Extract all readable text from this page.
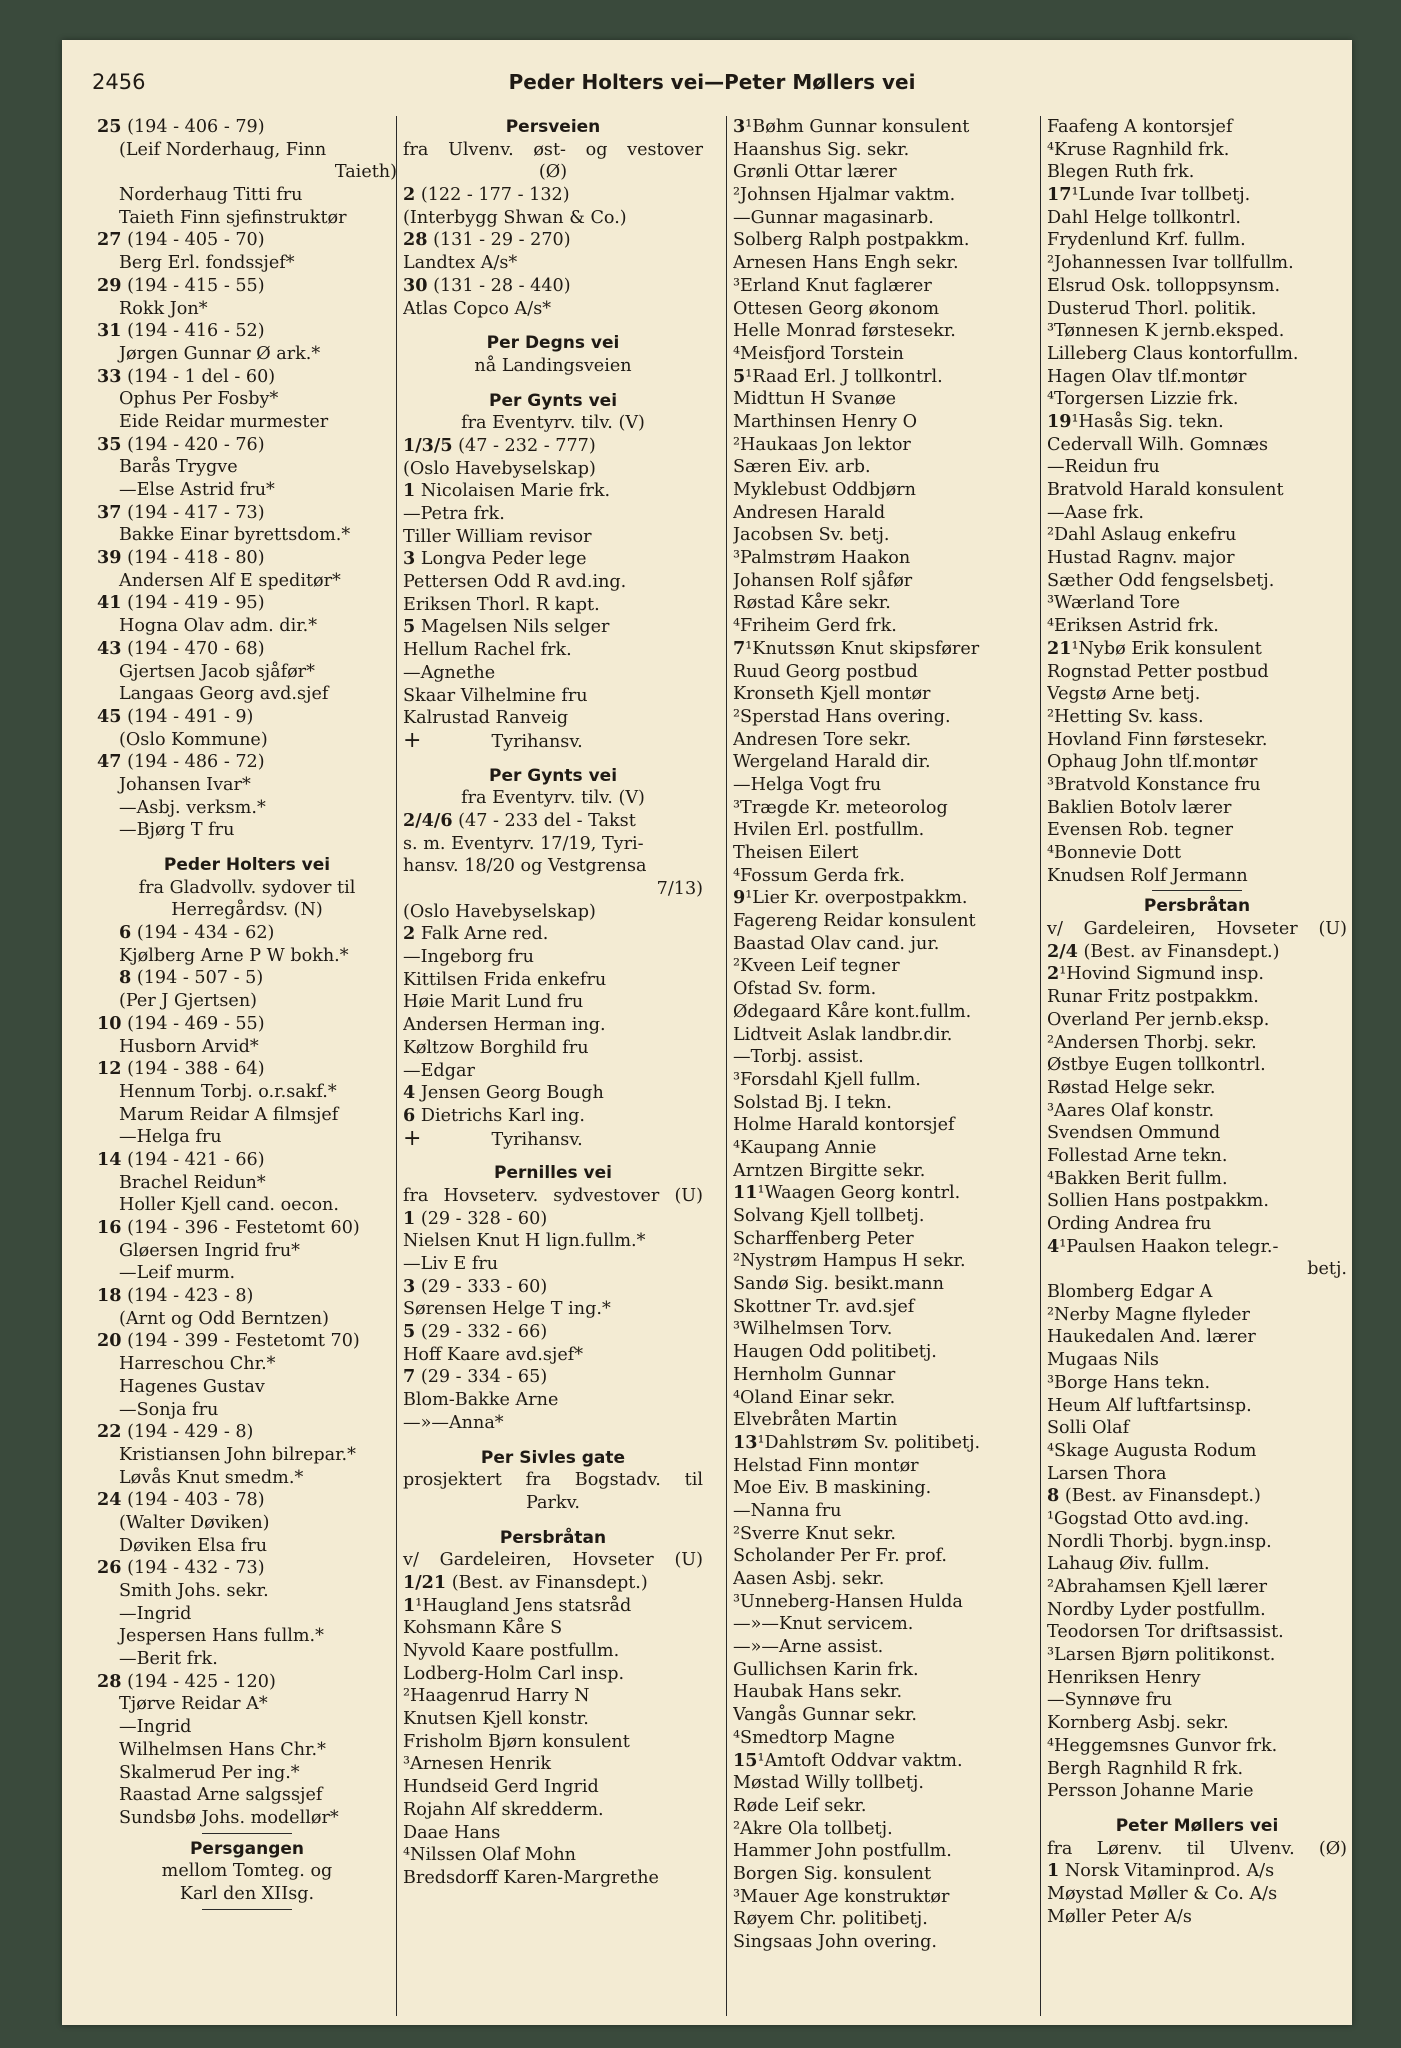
2456	Peder Holters vei—Peter Møllers vei
25 (194 - 406 - 79)
(Leif Norderhaug, Finn
Taieth)
Norderhaug Titti fru
Taieth Finn sjefinstruktør
27 (194 - 405 - 70)
Berg Erl. fondssjef*
29 (194 - 415 - 55)
Rokk Jon*
31 (194 - 416 - 52)
Jørgen Gunnar Ø ark.*
33 (194 - 1 del - 60)
Ophus Per Fosby*
Eide Reidar murmester
35 (194 - 420 - 76)
Barås Trygve
—Else Astrid fru*
37 (194 - 417 - 73)
Bakke Einar byrettsdom.*
39 (194 - 418 - 80)
Andersen Alf E speditør*
41 (194 - 419 - 95)
Hogna Olav adm. dir.*
43 (194 - 470 - 68)
Gjertsen Jacob sjåfør*
Langaas Georg avd.sjef
45 (194 - 491 - 9)
(Oslo Kommune)
47 (194 - 486 - 72)
Johansen Ivar*
—Asbj. verksm.*
—Bjørg T fru
Peder Holters vei
fra Gladvollv. sydover til
Herregårdsv. (N)
6 (194 - 434 - 62)
Kjølberg Arne P W bokh.*
8 (194 - 507 - 5)
(Per J Gjertsen)
10 (194 - 469 - 55)
Husborn Arvid*
12 (194 - 388 - 64)
Hennum Torbj. o.r.sakf.*
Marum Reidar A filmsjef
—Helga fru
14 (194 - 421 - 66)
Brachel Reidun*
Holler Kjell cand. oecon.
16 (194 - 396 - Festetomt 60)
Gløersen Ingrid fru*
—Leif murm.
18 (194 - 423 - 8)
(Arnt og Odd Berntzen)
20 (194 - 399 - Festetomt 70)
Harreschou Chr.*
Hagenes Gustav
—Sonja fru
22 (194 - 429 - 8)
Kristiansen John bilrepar.*
Løvås Knut smedm.*
24 (194 - 403 - 78)
(Walter Døviken)
Døviken Elsa fru
26 (194 - 432 - 73)
Smith Johs. sekr.
—Ingrid
Jespersen Hans fullm.*
—Berit frk.
28 (194 - 425 - 120)
Tjørve Reidar A*
—Ingrid
Wilhelmsen Hans Chr.*
Skalmerud Per ing.*
Raastad Arne salgssjef
Sundsbø Johs. modellør*
Persgangen
mellom Tomteg. og
Karl den XIIsg.
Persveien
fra Ulvenv. øst- og vestover
(Ø)
2 (122 - 177 - 132)
(Interbygg Shwan & Co.)
28 (131 - 29 - 270)
Landtex A/s*
30 (131 - 28 - 440)
Atlas Copco A/s*
Per Degns vei
nå Landingsveien
Per Gynts vei
fra Eventyrv. tilv. (V)
1/3/5 (47 - 232 - 777)
(Oslo Havebyselskap)
1 Nicolaisen Marie frk.
—Petra frk.
Tiller William revisor
3 Longva Peder lege
Pettersen Odd R avd.ing.
Eriksen Thorl. R kapt.
5 Magelsen Nils selger
Hellum Rachel frk.
—Agnethe
Skaar Vilhelmine fru
Kalrustad Ranveig
+	Tyrihansv.
Per Gynts vei
fra Eventyrv. tilv. (V)
2/4/6 (47 - 233 del - Takst
s. m. Eventyrv. 17/19, Tyri-
hansv. 18/20 og Vestgrensa
7/13)
(Oslo Havebyselskap)
2 Falk Arne red.
—Ingeborg fru
Kittilsen Frida enkefru
Høie Marit Lund fru
Andersen Herman ing.
Køltzow Borghild fru
—Edgar
4 Jensen Georg Bough
6 Dietrichs Karl ing.
+	Tyrihansv.
Pernilles vei
fra Hovseterv. sydvestover (U)
1 (29 - 328 - 60)
Nielsen Knut H lign.fullm.*
—Liv E fru
3 (29 - 333 - 60)
Sørensen Helge T ing.*
5 (29 - 332 - 66)
Hoff Kaare avd.sjef*
7 (29 - 334 - 65)
Blom-Bakke Arne
—»—Anna*
Per Sivles gate
prosjektert fra Bogstadv. til
Parkv.
Persbråtan
v/ Gardeleiren, Hovseter (U)
1/21 (Best. av Finansdept.)
1¹Haugland Jens statsråd
Kohsmann Kåre S
Nyvold Kaare postfullm.
Lodberg-Holm Carl insp.
²Haagenrud Harry N
Knutsen Kjell konstr.
Frisholm Bjørn konsulent
³Arnesen Henrik
Hundseid Gerd Ingrid
Rojahn Alf skredderm.
Daae Hans
⁴Nilssen Olaf Mohn
Bredsdorff Karen-Margrethe
3¹Bøhm Gunnar konsulent
Haanshus Sig. sekr.
Grønli Ottar lærer
²Johnsen Hjalmar vaktm.
—Gunnar magasinarb.
Solberg Ralph postpakkm.
Arnesen Hans Engh sekr.
³Erland Knut faglærer
Ottesen Georg økonom
Helle Monrad førstesekr.
⁴Meisfjord Torstein
5¹Raad Erl. J tollkontrl.
Midttun H Svanøe
Marthinsen Henry O
²Haukaas Jon lektor
Særen Eiv. arb.
Myklebust Oddbjørn
Andresen Harald
Jacobsen Sv. betj.
³Palmstrøm Haakon
Johansen Rolf sjåfør
Røstad Kåre sekr.
⁴Friheim Gerd frk.
7¹Knutssøn Knut skipsfører
Ruud Georg postbud
Kronseth Kjell montør
²Sperstad Hans overing.
Andresen Tore sekr.
Wergeland Harald dir.
—Helga Vogt fru
³Trægde Kr. meteorolog
Hvilen Erl. postfullm.
Theisen Eilert
⁴Fossum Gerda frk.
9¹Lier Kr. overpostpakkm.
Fagereng Reidar konsulent
Baastad Olav cand. jur.
²Kveen Leif tegner
Ofstad Sv. form.
Ødegaard Kåre kont.fullm.
Lidtveit Aslak landbr.dir.
—Torbj. assist.
³Forsdahl Kjell fullm.
Solstad Bj. I tekn.
Holme Harald kontorsjef
⁴Kaupang Annie
Arntzen Birgitte sekr.
11¹Waagen Georg kontrl.
Solvang Kjell tollbetj.
Scharffenberg Peter
²Nystrøm Hampus H sekr.
Sandø Sig. besikt.mann
Skottner Tr. avd.sjef
³Wilhelmsen Torv.
Haugen Odd politibetj.
Hernholm Gunnar
⁴Oland Einar sekr.
Elvebråten Martin
13¹Dahlstrøm Sv. politibetj.
Helstad Finn montør
Moe Eiv. B maskining.
—Nanna fru
²Sverre Knut sekr.
Scholander Per Fr. prof.
Aasen Asbj. sekr.
³Unneberg-Hansen Hulda
—»—Knut servicem.
—»—Arne assist.
Gullichsen Karin frk.
Haubak Hans sekr.
Vangås Gunnar sekr.
⁴Smedtorp Magne
15¹Amtoft Oddvar vaktm.
Møstad Willy tollbetj.
Røde Leif sekr.
²Akre Ola tollbetj.
Hammer John postfullm.
Borgen Sig. konsulent
³Mauer Age konstruktør
Røyem Chr. politibetj.
Singsaas John overing.
Faafeng A kontorsjef
⁴Kruse Ragnhild frk.
Blegen Ruth frk.
17¹Lunde Ivar tollbetj.
Dahl Helge tollkontrl.
Frydenlund Krf. fullm.
²Johannessen Ivar tollfullm.
Elsrud Osk. tolloppsynsm.
Dusterud Thorl. politik.
³Tønnesen K jernb.eksped.
Lilleberg Claus kontorfullm.
Hagen Olav tlf.montør
⁴Torgersen Lizzie frk.
19¹Hasås Sig. tekn.
Cedervall Wilh. Gomnæs
—Reidun fru
Bratvold Harald konsulent
—Aase frk.
²Dahl Aslaug enkefru
Hustad Ragnv. major
Sæther Odd fengselsbetj.
³Wærland Tore
⁴Eriksen Astrid frk.
21¹Nybø Erik konsulent
Rognstad Petter postbud
Vegstø Arne betj.
²Hetting Sv. kass.
Hovland Finn førstesekr.
Ophaug John tlf.montør
³Bratvold Konstance fru
Baklien Botolv lærer
Evensen Rob. tegner
⁴Bonnevie Dott
Knudsen Rolf Jermann
Persbråtan
v/ Gardeleiren, Hovseter (U)
2/4 (Best. av Finansdept.)
2¹Hovind Sigmund insp.
Runar Fritz postpakkm.
Overland Per jernb.eksp.
²Andersen Thorbj. sekr.
Østbye Eugen tollkontrl.
Røstad Helge sekr.
³Aares Olaf konstr.
Svendsen Ommund
Follestad Arne tekn.
⁴Bakken Berit fullm.
Sollien Hans postpakkm.
Ording Andrea fru
4¹Paulsen Haakon telegr.-
betj.
Blomberg Edgar A
²Nerby Magne flyleder
Haukedalen And. lærer
Mugaas Nils
³Borge Hans tekn.
Heum Alf luftfartsinsp.
Solli Olaf
⁴Skage Augusta Rodum
Larsen Thora
8 (Best. av Finansdept.)
¹Gogstad Otto avd.ing.
Nordli Thorbj. bygn.insp.
Lahaug Øiv. fullm.
²Abrahamsen Kjell lærer
Nordby Lyder postfullm.
Teodorsen Tor driftsassist.
³Larsen Bjørn politikonst.
Henriksen Henry
—Synnøve fru
Kornberg Asbj. sekr.
⁴Heggemsnes Gunvor frk.
Bergh Ragnhild R frk.
Persson Johanne Marie
Peter Møllers vei
fra Lørenv. til Ulvenv. (Ø)
1 Norsk Vitaminprod. A/s
Møystad Møller & Co. A/s
Møller Peter A/s
